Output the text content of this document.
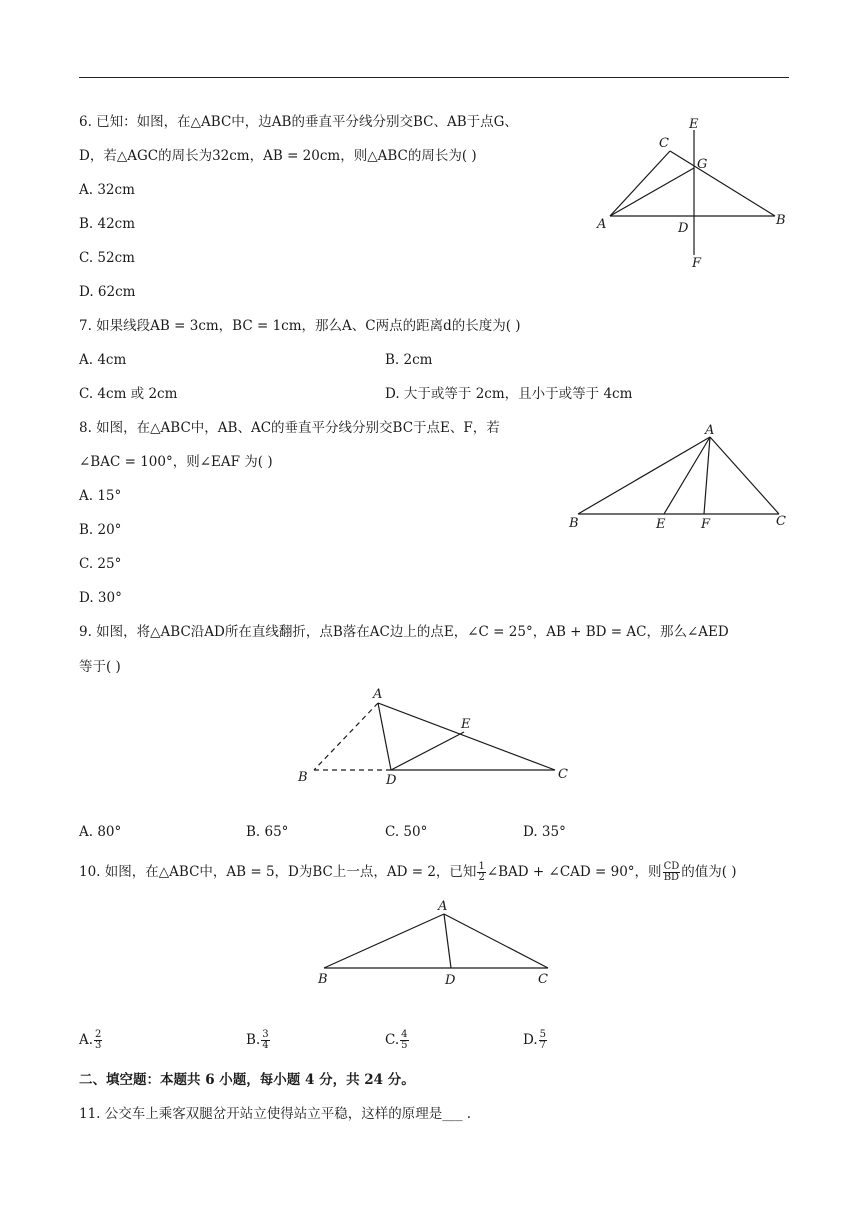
6. 已知：如图，在△ABC中，边AB的垂直平分线分别交BC、AB于点G、
D，若△AGC的周长为32cm，AB = 20cm，则△ABC的周长为( )
A. 32cm
B. 42cm
C. 52cm
D. 62cm
E
C
G
A	D
B
F
7. 如果线段AB = 3cm，BC = 1cm，那么A、C两点的距离d的长度为( )
A. 4cm	B. 2cm
C. 4cm 或 2cm	D. 大于或等于 2cm，且小于或等于 4cm
8. 如图，在△ABC中，AB、AC的垂直平分线分别交BC于点E、F，若
∠BAC = 100°，则∠EAF 为( )
A. 15°
B. 20°
C. 25°
D. 30°
A
B	E	F	C
9. 如图，将△ABC沿AD所在直线翻折，点B落在AC边上的点E，∠C = 25°，AB + BD = AC，那么∠AED
等于( )
A
E
B	D	C
A. 80°	B. 65°	C. 50°	D. 35°
10. 如图，在△ABC中，AB = 5，D为BC上一点，AD = 2，已知 $\frac{1}{2}$ ∠BAD + ∠CAD = 90°，则 $\frac{CD}{BD}$ 的值为( )
A
B	D	C
A. $\frac{2}{3}$	B. $\frac{3}{4}$	C. $\frac{4}{5}$	D. $\frac{5}{7}$
二、填空题：本题共 6 小题，每小题 4 分，共 24 分。
11. 公交车上乘客双腿岔开站立使得站立平稳，这样的原理是___ .
